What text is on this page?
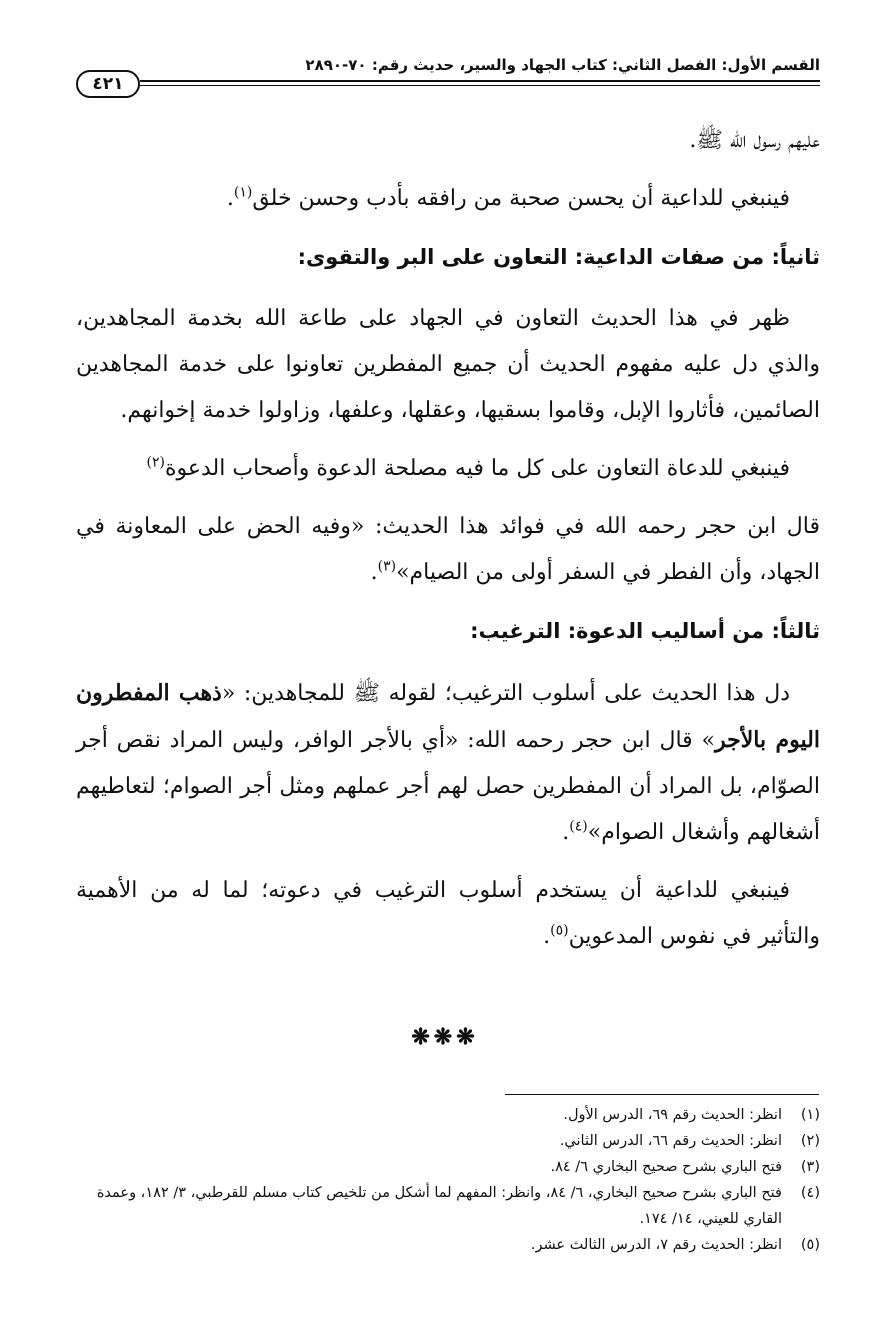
القسم الأول: الفصل الثاني: كتاب الجهاد والسير، حديث رقم: ٧٠-٢٨٩٠
٤٢١

عليهم رسول الله ﷺ.

فينبغي للداعية أن يحسن صحبة من رافقه بأدب وحسن خلق$^{(١)}$.

ثانياً: من صفات الداعية: التعاون على البر والتقوى:

ظهر في هذا الحديث التعاون في الجهاد على طاعة الله بخدمة المجاهدين، والذي دل عليه مفهوم الحديث أن جميع المفطرين تعاونوا على خدمة المجاهدين الصائمين، فأثاروا الإبل، وقاموا بسقيها، وعقلها، وعلفها، وزاولوا خدمة إخوانهم.

فينبغي للدعاة التعاون على كل ما فيه مصلحة الدعوة وأصحاب الدعوة$^{(٢)}$

قال ابن حجر رحمه الله في فوائد هذا الحديث: «وفيه الحض على المعاونة في الجهاد، وأن الفطر في السفر أولى من الصيام»$^{(٣)}$.

ثالثاً: من أساليب الدعوة: الترغيب:

دل هذا الحديث على أسلوب الترغيب؛ لقوله ﷺ للمجاهدين: «ذهب المفطرون اليوم بالأجر» قال ابن حجر رحمه الله: «أي بالأجر الوافر، وليس المراد نقص أجر الصوّام، بل المراد أن المفطرين حصل لهم أجر عملهم ومثل أجر الصوام؛ لتعاطيهم أشغالهم وأشغال الصوام»$^{(٤)}$.

فينبغي للداعية أن يستخدم أسلوب الترغيب في دعوته؛ لما له من الأهمية والتأثير في نفوس المدعوين$^{(٥)}$.

❋❋❋
(١)
انظر: الحديث رقم ٦٩، الدرس الأول.
(٢)
انظر: الحديث رقم ٦٦، الدرس الثاني.
(٣)
فتح الباري بشرح صحيح البخاري ٦/ ٨٤.
(٤)
فتح الباري بشرح صحيح البخاري، ٦/ ٨٤، وانظر: المفهم لما أشكل من تلخيص كتاب مسلم للقرطبي، ٣/ ١٨٢، وعمدة القاري للعيني، ١٤/ ١٧٤.
(٥)
انظر: الحديث رقم ٧، الدرس الثالث عشر.
